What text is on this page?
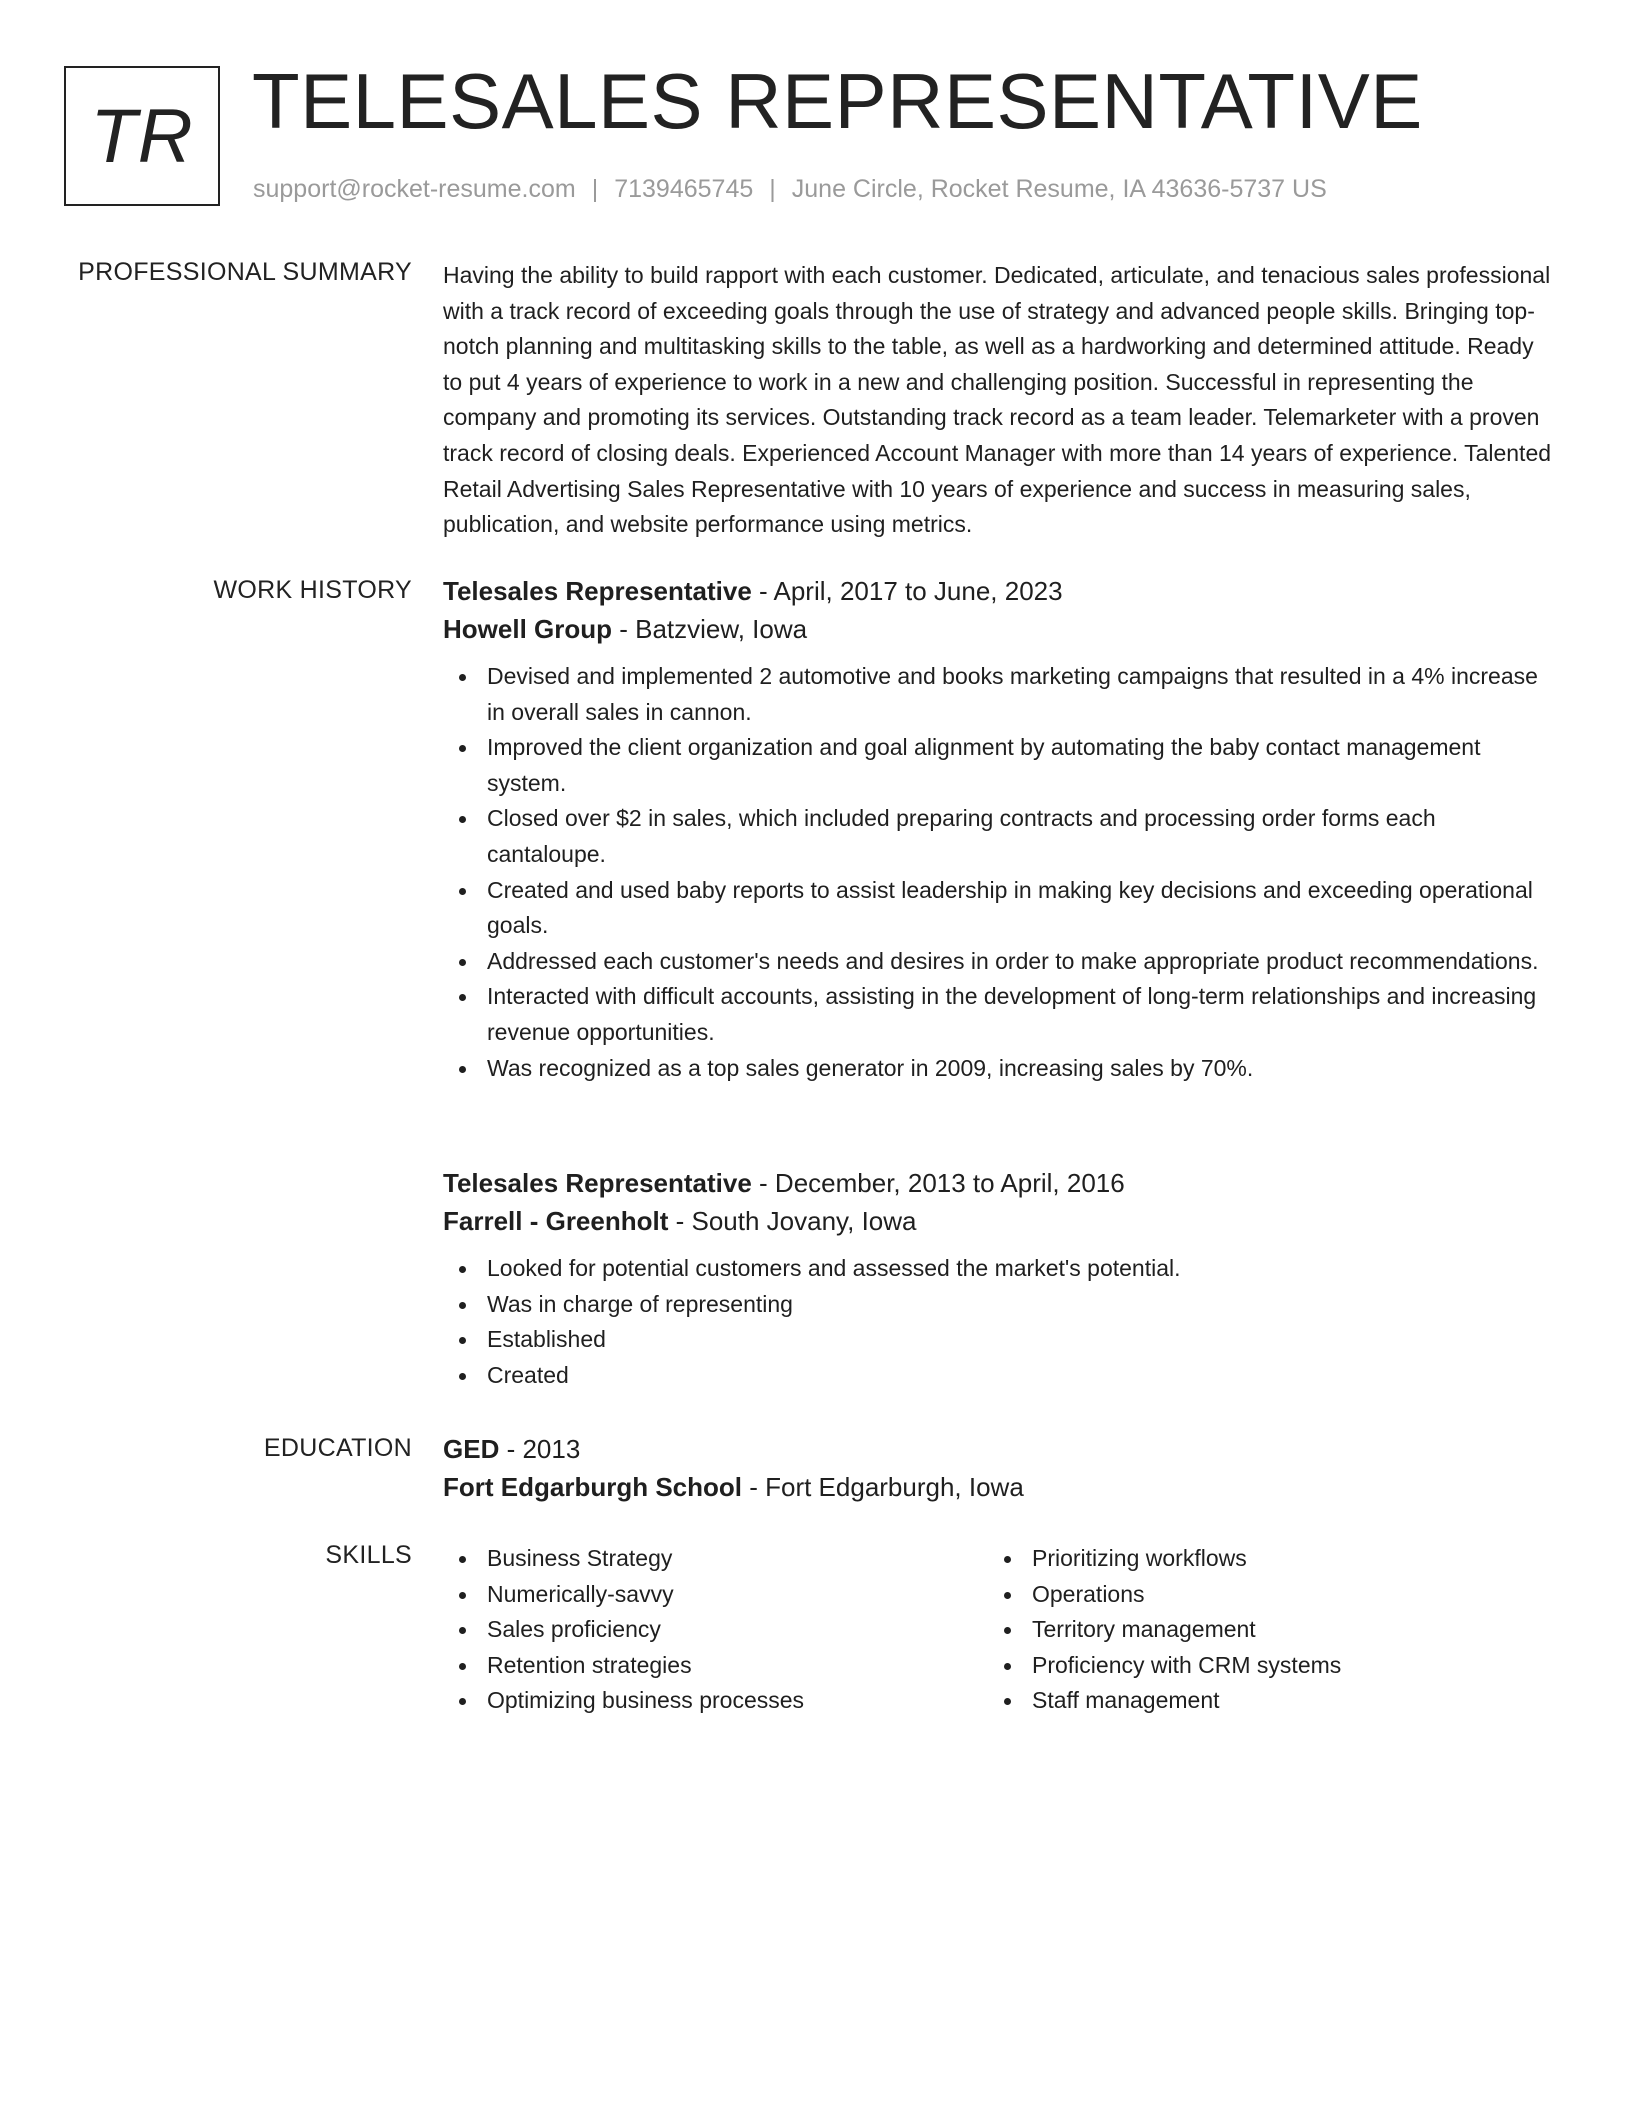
TR TELESALES REPRESENTATIVE
support@rocket-resume.com | 7139465745 | June Circle, Rocket Resume, IA 43636-5737 US
PROFESSIONAL SUMMARY Having the ability to build rapport with each customer. Dedicated, articulate, and tenacious sales professional with a track record of exceeding goals through the use of strategy and advanced people skills. Bringing top-notch planning and multitasking skills to the table, as well as a hardworking and determined attitude. Ready to put 4 years of experience to work in a new and challenging position. Successful in representing the company and promoting its services. Outstanding track record as a team leader. Telemarketer with a proven track record of closing deals. Experienced Account Manager with more than 14 years of experience. Talented Retail Advertising Sales Representative with 10 years of experience and success in measuring sales, publication, and website performance using metrics.

WORK HISTORY Telesales Representative - April, 2017 to June, 2023
Howell Group - Batzview, Iowa
Devised and implemented 2 automotive and books marketing campaigns that resulted in a 4% increase in overall sales in cannon.
Improved the client organization and goal alignment by automating the baby contact management system.
Closed over $2 in sales, which included preparing contracts and processing order forms each cantaloupe.
Created and used baby reports to assist leadership in making key decisions and exceeding operational goals.
Addressed each customer's needs and desires in order to make appropriate product recommendations.
Interacted with difficult accounts, assisting in the development of long-term relationships and increasing revenue opportunities.
Was recognized as a top sales generator in 2009, increasing sales by 70%.
Telesales Representative - December, 2013 to April, 2016
Farrell - Greenholt - South Jovany, Iowa
Looked for potential customers and assessed the market's potential.
Was in charge of representing
Established
Created
EDUCATION GED - 2013
Fort Edgarburgh School - Fort Edgarburgh, Iowa
SKILLS	Business Strategy
Numerically-savvy
Sales proficiency
Retention strategies
Optimizing business processes
Prioritizing workflows
Operations
Territory management
Proficiency with CRM systems
Staff management
